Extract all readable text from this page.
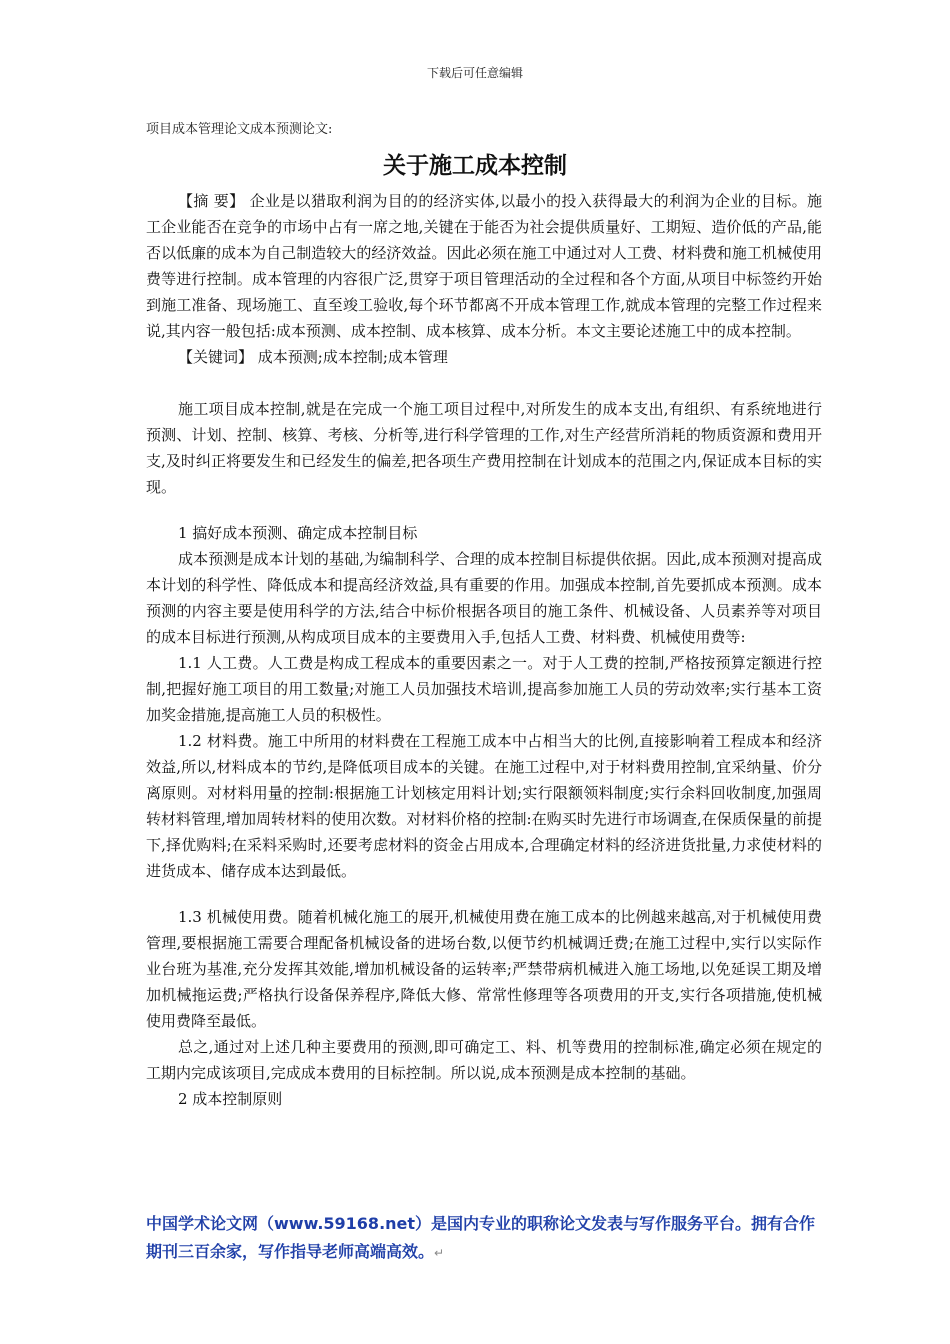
下载后可任意编辑
项目成本管理论文成本预测论文:
关于施工成本控制

【摘 要】 企业是以猎取利润为目的的经济实体,以最小的投入获得最大的利润为企业的目标。施工企业能否在竞争的市场中占有一席之地,关键在于能否为社会提供质量好、工期短、造价低的产品,能否以低廉的成本为自己制造较大的经济效益。因此必须在施工中通过对人工费、材料费和施工机械使用费等进行控制。成本管理的内容很广泛,贯穿于项目管理活动的全过程和各个方面,从项目中标签约开始到施工准备、现场施工、直至竣工验收,每个环节都离不开成本管理工作,就成本管理的完整工作过程来说,其内容一般包括:成本预测、成本控制、成本核算、成本分析。本文主要论述施工中的成本控制。

【关键词】 成本预测;成本控制;成本管理

施工项目成本控制,就是在完成一个施工项目过程中,对所发生的成本支出,有组织、有系统地进行预测、计划、控制、核算、考核、分析等,进行科学管理的工作,对生产经营所消耗的物质资源和费用开支,及时纠正将要发生和已经发生的偏差,把各项生产费用控制在计划成本的范围之内,保证成本目标的实现。

1 搞好成本预测、确定成本控制目标

成本预测是成本计划的基础,为编制科学、合理的成本控制目标提供依据。因此,成本预测对提高成本计划的科学性、降低成本和提高经济效益,具有重要的作用。加强成本控制,首先要抓成本预测。成本预测的内容主要是使用科学的方法,结合中标价根据各项目的施工条件、机械设备、人员素养等对项目的成本目标进行预测,从构成项目成本的主要费用入手,包括人工费、材料费、机械使用费等:

1.1 人工费。人工费是构成工程成本的重要因素之一。对于人工费的控制,严格按预算定额进行控制,把握好施工项目的用工数量;对施工人员加强技术培训,提高参加施工人员的劳动效率;实行基本工资加奖金措施,提高施工人员的积极性。

1.2 材料费。施工中所用的材料费在工程施工成本中占相当大的比例,直接影响着工程成本和经济效益,所以,材料成本的节约,是降低项目成本的关键。在施工过程中,对于材料费用控制,宜采纳量、价分离原则。对材料用量的控制:根据施工计划核定用料计划;实行限额领料制度;实行余料回收制度,加强周转材料管理,增加周转材料的使用次数。对材料价格的控制:在购买时先进行市场调查,在保质保量的前提下,择优购料;在采料采购时,还要考虑材料的资金占用成本,合理确定材料的经济进货批量,力求使材料的进货成本、储存成本达到最低。

1.3 机械使用费。随着机械化施工的展开,机械使用费在施工成本的比例越来越高,对于机械使用费管理,要根据施工需要合理配备机械设备的进场台数,以便节约机械调迁费;在施工过程中,实行以实际作业台班为基准,充分发挥其效能,增加机械设备的运转率;严禁带病机械进入施工场地,以免延误工期及增加机械拖运费;严格执行设备保养程序,降低大修、常常性修理等各项费用的开支,实行各项措施,使机械使用费降至最低。

总之,通过对上述几种主要费用的预测,即可确定工、料、机等费用的控制标准,确定必须在规定的工期内完成该项目,完成成本费用的目标控制。所以说,成本预测是成本控制的基础。

2 成本控制原则

中国学术论文网（www.59168.net）是国内专业的职称论文发表与写作服务平台。拥有合作期刊三百余家，写作指导老师高端高效。↵
